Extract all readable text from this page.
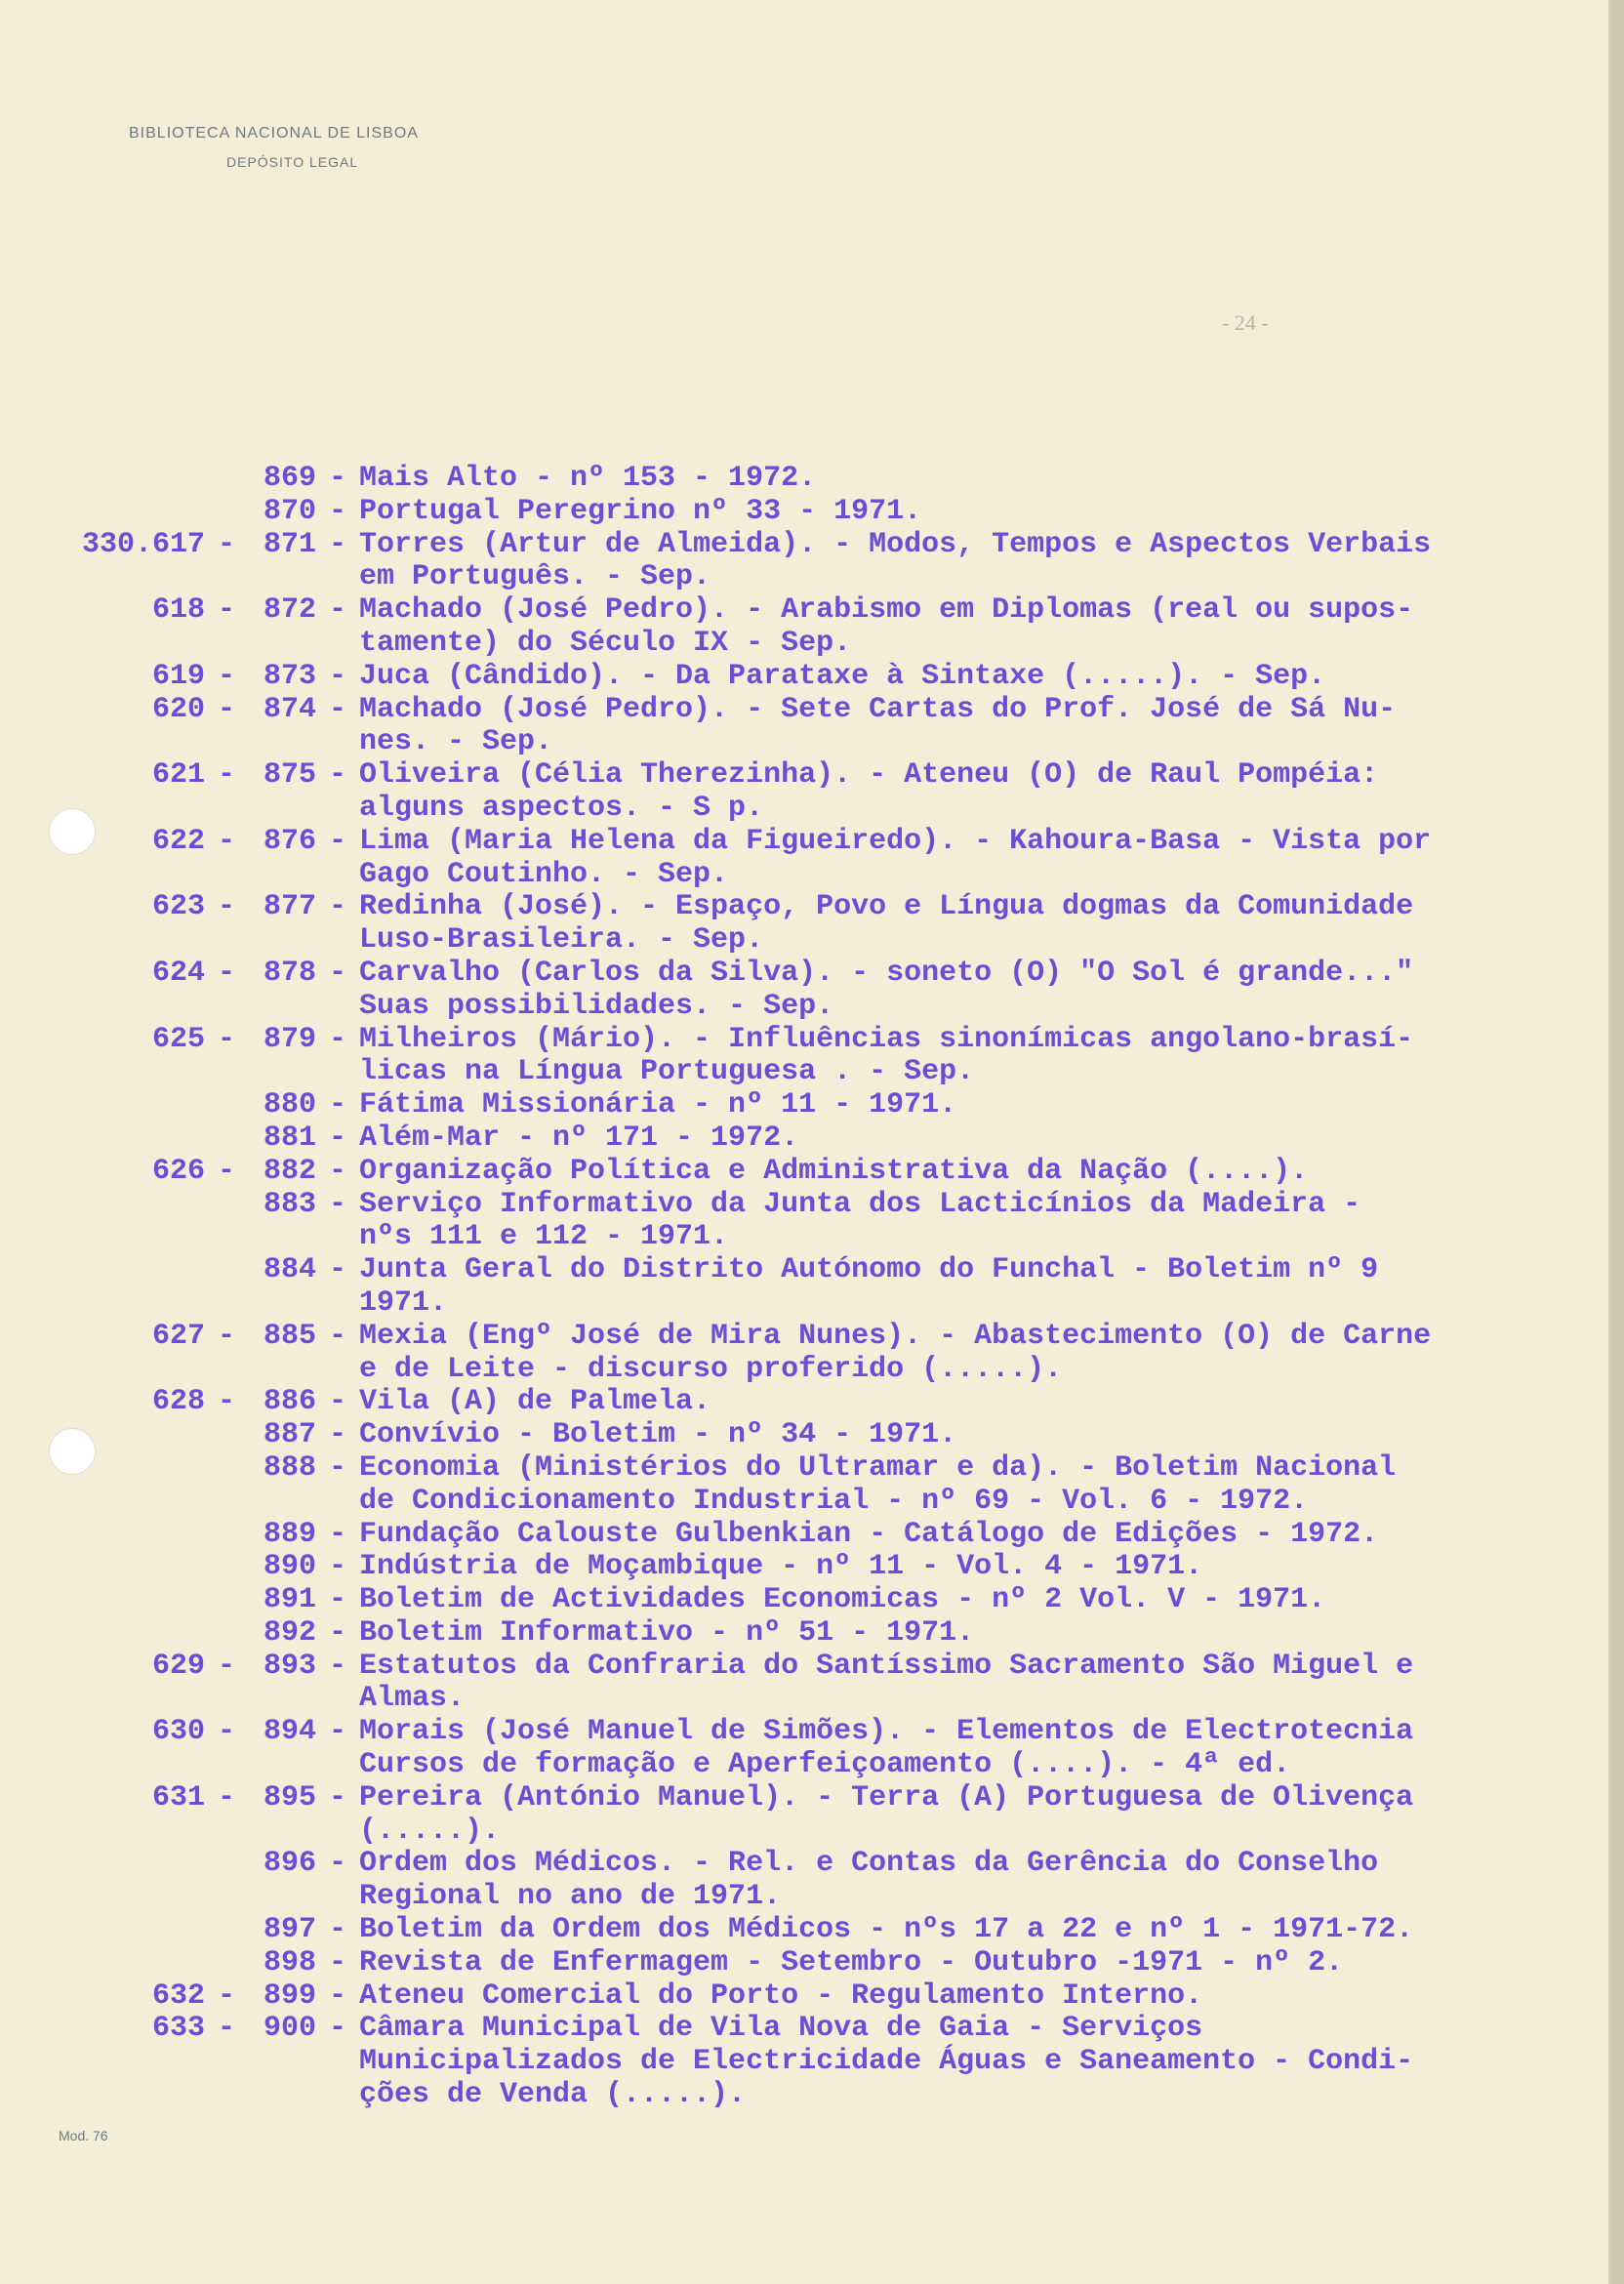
BIBLIOTECA NACIONAL DE LISBOA
DEPÓSITO LEGAL
- 24 -
869 - Mais Alto - nº 153 - 1972.
870 - Portugal Peregrino nº 33 - 1971.
330.617 - 871 - Torres (Artur de Almeida). - Modos, Tempos e Aspectos Verbais
em Português. - Sep.
618 - 872 - Machado (José Pedro). - Arabismo em Diplomas (real ou supos-
tamente) do Século IX - Sep.
619 - 873 - Juca (Cândido). - Da Parataxe à Sintaxe (.....). - Sep.
620 - 874 - Machado (José Pedro). - Sete Cartas do Prof. José de Sá Nu-
nes. - Sep.
621 - 875 - Oliveira (Célia Therezinha). - Ateneu (O) de Raul Pompéia:
alguns aspectos. - S p.
622 - 876 - Lima (Maria Helena da Figueiredo). - Kahoura-Basa - Vista por
Gago Coutinho. - Sep.
623 - 877 - Redinha (José). - Espaço, Povo e Língua dogmas da Comunidade
Luso-Brasileira. - Sep.
624 - 878 - Carvalho (Carlos da Silva). - soneto (O) "O Sol é grande..."
Suas possibilidades. - Sep.
625 - 879 - Milheiros (Mário). - Influências sinonímicas angolano-brasí-
licas na Língua Portuguesa . - Sep.
880 - Fátima Missionária - nº 11 - 1971.
881 - Além-Mar - nº 171 - 1972.
626 - 882 - Organização Política e Administrativa da Nação (....).
883 - Serviço Informativo da Junta dos Lacticínios da Madeira -
nºs 111 e 112 - 1971.
884 - Junta Geral do Distrito Autónomo do Funchal - Boletim nº 9
1971.
627 - 885 - Mexia (Engº José de Mira Nunes). - Abastecimento (O) de Carne
e de Leite - discurso proferido (.....).
628 - 886 - Vila (A) de Palmela.
887 - Convívio - Boletim - nº 34 - 1971.
888 - Economia (Ministérios do Ultramar e da). - Boletim Nacional
de Condicionamento Industrial - nº 69 - Vol. 6 - 1972.
889 - Fundação Calouste Gulbenkian - Catálogo de Edições - 1972.
890 - Indústria de Moçambique - nº 11 - Vol. 4 - 1971.
891 - Boletim de Actividades Economicas - nº 2 Vol. V - 1971.
892 - Boletim Informativo - nº 51 - 1971.
629 - 893 - Estatutos da Confraria do Santíssimo Sacramento São Miguel e
Almas.
630 - 894 - Morais (José Manuel de Simões). - Elementos de Electrotecnia
Cursos de formação e Aperfeiçoamento (....). - 4ª ed.
631 - 895 - Pereira (António Manuel). - Terra (A) Portuguesa de Olivença
(.....).
896 - Ordem dos Médicos. - Rel. e Contas da Gerência do Conselho
Regional no ano de 1971.
897 - Boletim da Ordem dos Médicos - nºs 17 a 22 e nº 1 - 1971-72.
898 - Revista de Enfermagem - Setembro - Outubro -1971 - nº 2.
632 - 899 - Ateneu Comercial do Porto - Regulamento Interno.
633 - 900 - Câmara Municipal de Vila Nova de Gaia - Serviços
Municipalizados de Electricidade Águas e Saneamento - Condi-
ções de Venda (.....).
Mod. 76
